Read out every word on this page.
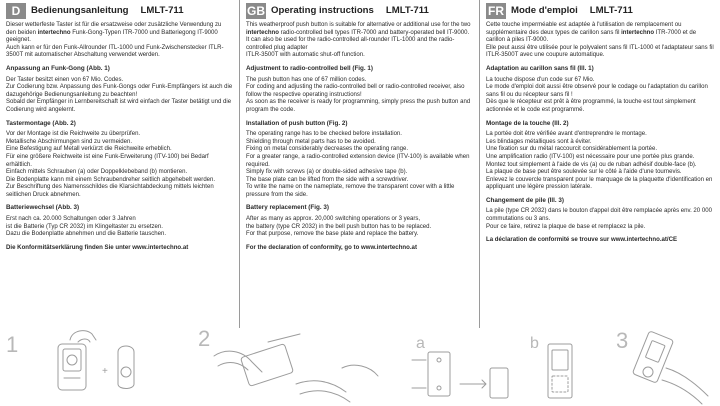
D	Bedienungsanleitung LMLT-711

Dieser wetterfeste Taster ist für die ersatzweise oder zusätzliche Verwendung zu den beiden intertechno Funk-Gong-Typen ITR-7000 und Batteriegong IT-9000 geeignet.
Auch kann er für den Funk-Allrounder ITL-1000 und Funk-Zwischenstecker ITLR-3500T mit automatischer Abschaltung verwendet werden.

Anpassung an Funk-Gong (Abb. 1)

Der Taster besitzt einen von 67 Mio. Codes.
Zur Codierung bzw. Anpassung des Funk-Gongs oder Funk-Empfängers ist auch die dazugehörige Bedienungsanleitung zu beachten!
Sobald der Empfänger in Lernbereitschaft ist wird einfach der Taster betätigt und die Codierung wird angelernt.

Tastermontage (Abb. 2)

Vor der Montage ist die Reichweite zu überprüfen.
Metallische Abschirmungen sind zu vermeiden.
Eine Befestigung auf Metall verkürzt die Reichweite erheblich.
Für eine größere Reichweite ist eine Funk-Erweiterung (ITV-100) bei Bedarf erhältlich.
Einfach mittels Schrauben (a) oder Doppelklebeband (b) montieren.
Die Bodenplatte kann mit einem Schraubendreher seitlich abgehebelt werden.
Zur Beschriftung des Namensschildes die Klarsichtabdeckung mittels leichten seitlichen Druck abnehmen.

Batteriewechsel (Abb. 3)

Erst nach ca. 20.000 Schaltungen oder 3 Jahren
ist die Batterie (Typ CR 2032) im Klingeltaster zu ersetzen.
Dazu die Bodenplatte abnehmen und die Batterie tauschen.

Die Konformitätserklärung finden Sie unter www.intertechno.at

GB Operating instructions LMLT-711

This weatherproof push button is suitable for alternative or additional use for the two intertechno radio-controlled bell types ITR-7000 and battery-operated bell IT-9000.
It can also be used for the radio-controlled all-rounder ITL-1000 and the radio-controlled plug adapter
ITLR-3500T with automatic shut-off function.

Adjustment to radio-controlled bell (Fig. 1)

The push button has one of 67 million codes.
For coding and adjusting the radio-controlled bell or radio-controlled receiver, also follow the respective operating instructions!
As soon as the receiver is ready for programming, simply press the push button and program the code.

Installation of push button (Fig. 2)

The operating range has to be checked before installation.
Shielding through metal parts has to be avoided.
Fixing on metal considerably decreases the operating range.
For a greater range, a radio-controlled extension device (ITV-100) is available when required.
Simply fix with screws (a) or double-sided adhesive tape (b).
The base plate can be lifted from the side with a screwdriver.
To write the name on the nameplate, remove the transparent cover with a little pressure from the side.

Battery replacement (Fig. 3)

After as many as approx. 20,000 switching operations or 3 years,
the battery (type CR 2032) in the bell push button has to be replaced.
For that purpose, remove the base plate and replace the battery.

For the declaration of conformity, go to www.intertechno.at

FR Mode d'emploi LMLT-711

Cette touche imperméable est adaptée à l'utilisation de remplacement ou supplémentaire des deux types de carillon sans fil intertechno ITR-7000 et de carillon à piles IT-9000.
Elle peut aussi être utilisée pour le polyvalent sans fil ITL-1000 et l'adaptateur sans fil ITLR-3500T avec une coupure automatique.

Adaptation au carillon sans fil (Ill. 1)

La touche dispose d'un code sur 67 Mio.
Le mode d'emploi doit aussi être observé pour le codage ou l'adaptation du carillon sans fil ou du récepteur sans fil !
Dès que le récepteur est prêt à être programmé, la touche est tout simplement actionnée et le code est programmé.

Montage de la touche (Ill. 2)

La portée doit être vérifiée avant d'entreprendre le montage.
Les blindages métalliques sont à éviter.
Une fixation sur du métal raccourcit considérablement la portée.
Une amplification radio (ITV-100) est nécessaire pour une portée plus grande.
Montez tout simplement à l'aide de vis (a) ou de ruban adhésif double-face (b).
La plaque de base peut être soulevée sur le côté à l'aide d'une tournevis.
Enlevez le couvercle transparent pour le marquage de la plaquette d'identification en appliquant une légère pression latérale.

Changement de pile (Ill. 3)

La pile (type CR 2032) dans le bouton d'appel doit être remplacée après env. 20 000 commutations ou 3 ans.
Pour ce faire, retirez la plaque de base et remplacez la pile.

La déclaration de conformité se trouve sur www.intertechno.at/CE

1
+
2	a	b	3
